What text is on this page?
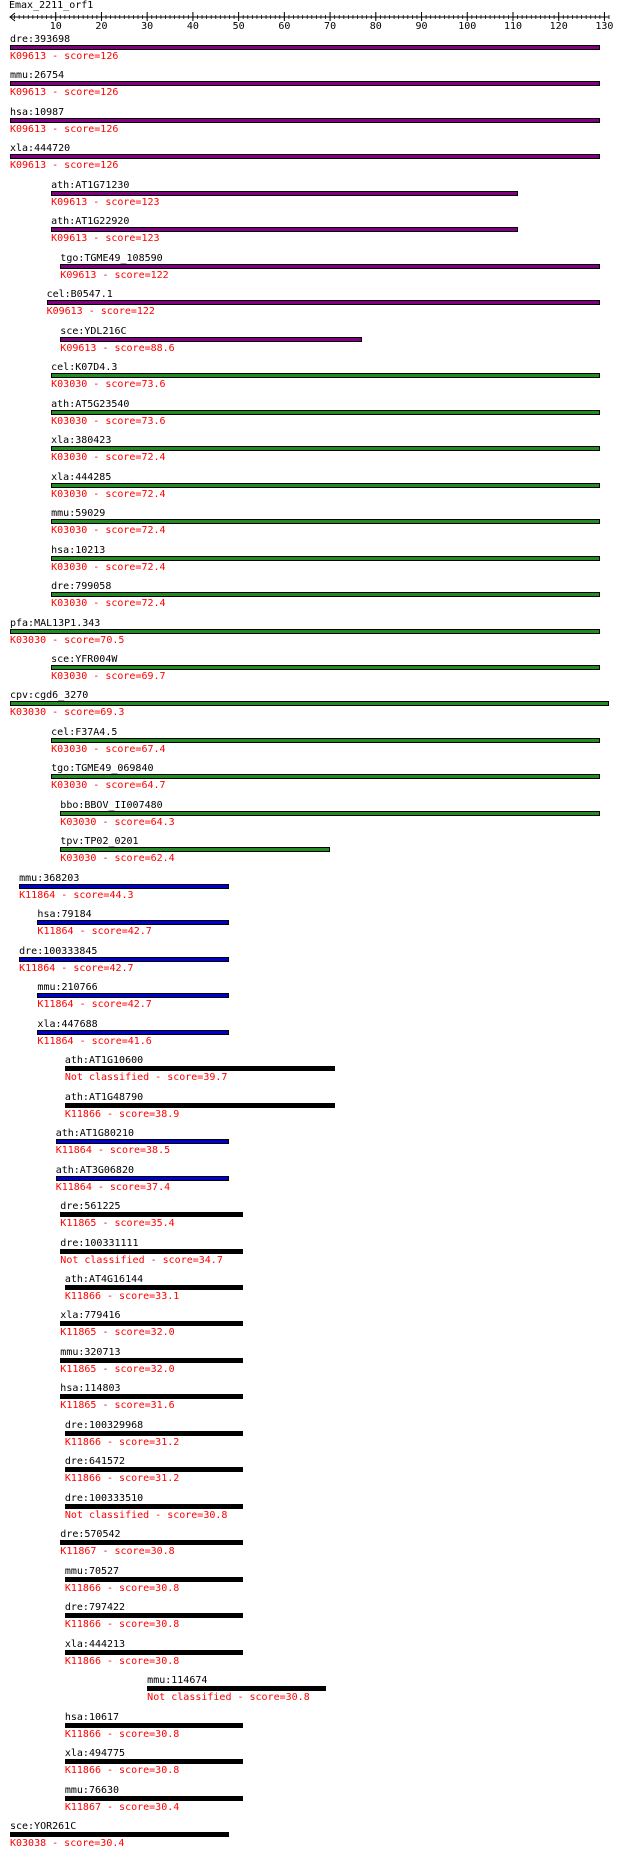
Emax_2211_orf1
10	20	30	40	50	60	70	80	90	100	110	120	130
dre:393698
K09613 - score=126
mmu:26754
K09613 - score=126
hsa:10987
K09613 - score=126
xla:444720
K09613 - score=126
ath:AT1G71230
K09613 - score=123
ath:AT1G22920
K09613 - score=123
tgo:TGME49_108590
K09613 - score=122
cel:B0547.1
K09613 - score=122
sce:YDL216C
K09613 - score=88.6
cel:K07D4.3
K03030 - score=73.6
ath:AT5G23540
K03030 - score=73.6
xla:380423
K03030 - score=72.4
xla:444285
K03030 - score=72.4
mmu:59029
K03030 - score=72.4
hsa:10213
K03030 - score=72.4
dre:799058
K03030 - score=72.4
pfa:MAL13P1.343
K03030 - score=70.5
sce:YFR004W
K03030 - score=69.7
cpv:cgd6_3270
K03030 - score=69.3
cel:F37A4.5
K03030 - score=67.4
tgo:TGME49_069840
K03030 - score=64.7
bbo:BBOV_II007480
K03030 - score=64.3
tpv:TP02_0201
K03030 - score=62.4
mmu:368203
K11864 - score=44.3
hsa:79184
K11864 - score=42.7
dre:100333845
K11864 - score=42.7
mmu:210766
K11864 - score=42.7
xla:447688
K11864 - score=41.6
ath:AT1G10600
Not classified - score=39.7
ath:AT1G48790
K11866 - score=38.9
ath:AT1G80210
K11864 - score=38.5
ath:AT3G06820
K11864 - score=37.4
dre:561225
K11865 - score=35.4
dre:100331111
Not classified - score=34.7
ath:AT4G16144
K11866 - score=33.1
xla:779416
K11865 - score=32.0
mmu:320713
K11865 - score=32.0
hsa:114803
K11865 - score=31.6
dre:100329968
K11866 - score=31.2
dre:641572
K11866 - score=31.2
dre:100333510
Not classified - score=30.8
dre:570542
K11867 - score=30.8
mmu:70527
K11866 - score=30.8
dre:797422
K11866 - score=30.8
xla:444213
K11866 - score=30.8
mmu:114674
Not classified - score=30.8
hsa:10617
K11866 - score=30.8
xla:494775
K11866 - score=30.8
mmu:76630
K11867 - score=30.4
sce:YOR261C
K03038 - score=30.4
